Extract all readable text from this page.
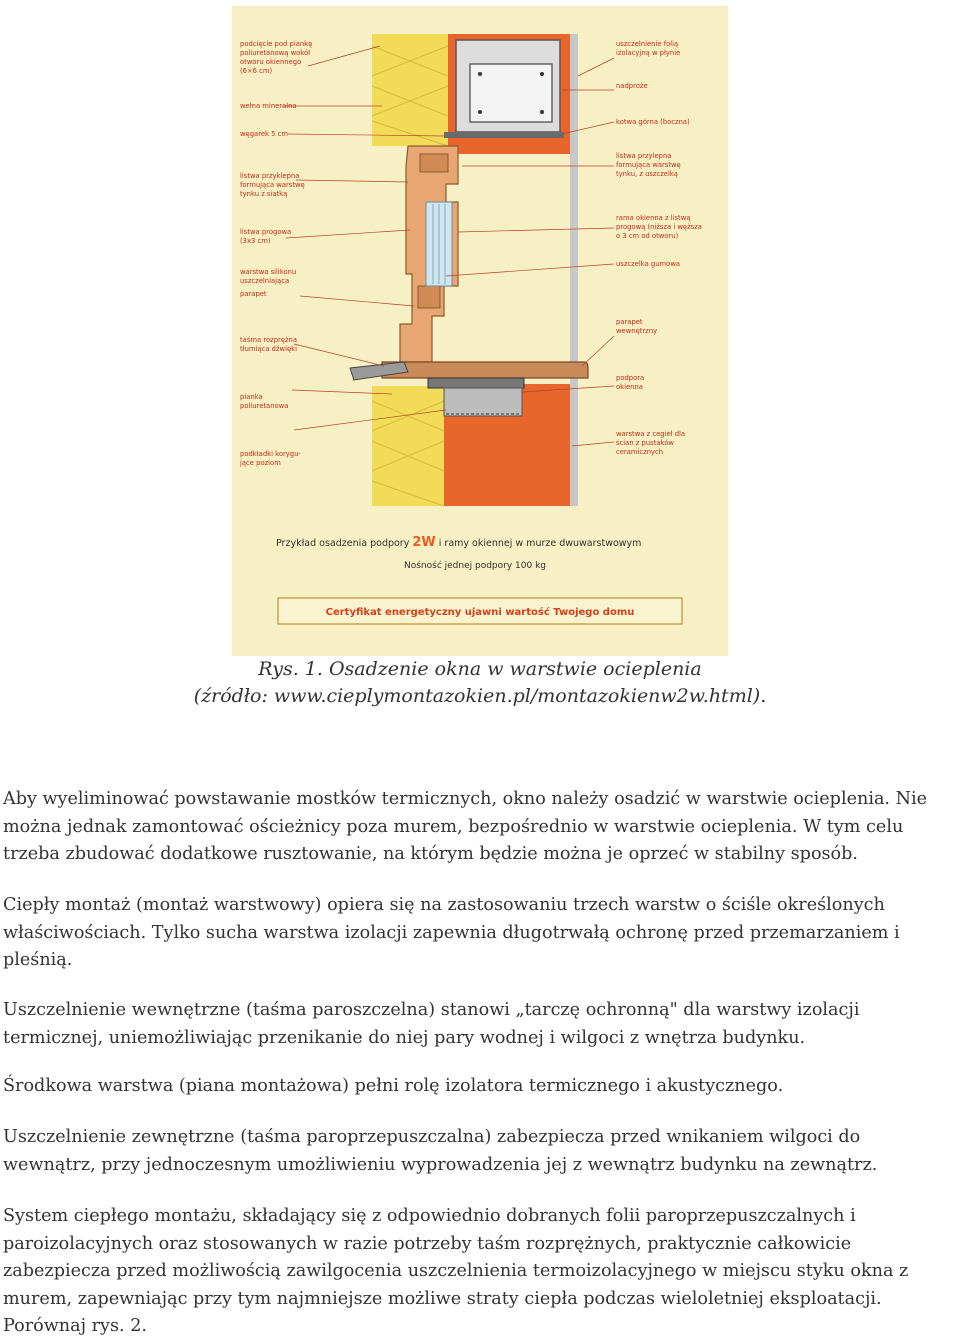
podcięcie pod piankę
poliuretanową wokół
otworu okiennego
(6×6 cm)
wełna mineralna
węgarek 5 cm
listwa przyklepna
formująca warstwę
tynku z siatką
listwa progowa
(3x3 cm)
warstwa silikonu
uszczelniająca
parapet
taśma rozprężna
tłumiąca dźwięki
pianka
poliuretanowa
podkładki korygu-
jące poziom
uszczelnienie folią
izolacyjną w płynie
nadproże
kotwa górna (boczna)
listwa przylepna
formująca warstwę
tynku, z uszczelką
rama okienna z listwą
progową (niższa i węższa
o 3 cm od otworu)
uszczelka gumowa
parapet
wewnętrzny
podpora
okienna
warstwa z cegieł dla
ścian z pustaków
ceramicznych
Przykład osadzenia podpory 2W i ramy okiennej w murze dwuwarstwowym
Nośność jednej podpory 100 kg
Certyfikat energetyczny ujawni wartość Twojego domu
Rys. 1. Osadzenie okna w warstwie ocieplenia
(źródło: www.cieplymontazokien.pl/montazokienw2w.html).

Aby wyeliminować powstawanie mostków termicznych, okno należy osadzić w warstwie ocieplenia. Nie można jednak zamontować ościeżnicy poza murem, bezpośrednio w warstwie ocieplenia. W tym celu trzeba zbudować dodatkowe rusztowanie, na którym będzie można je oprzeć w stabilny sposób.

Ciepły montaż (montaż warstwowy) opiera się na zastosowaniu trzech warstw o ściśle określonych właściwościach. Tylko sucha warstwa izolacji zapewnia długotrwałą ochronę przed przemarzaniem i pleśnią.

Uszczelnienie wewnętrzne (taśma paroszczelna) stanowi „tarczę ochronną" dla warstwy izolacji termicznej, uniemożliwiając przenikanie do niej pary wodnej i wilgoci z wnętrza budynku.

Środkowa warstwa (piana montażowa) pełni rolę izolatora termicznego i akustycznego.

Uszczelnienie zewnętrzne (taśma paroprzepuszczalna) zabezpiecza przed wnikaniem wilgoci do wewnątrz, przy jednoczesnym umożliwieniu wyprowadzenia jej z wewnątrz budynku na zewnątrz.

System ciepłego montażu, składający się z odpowiednio dobranych folii paroprzepuszczalnych i paroizolacyjnych oraz stosowanych w razie potrzeby taśm rozprężnych, praktycznie całkowicie zabezpiecza przed możliwością zawilgocenia uszczelnienia termoizolacyjnego w miejscu styku okna z murem, zapewniając przy tym najmniejsze możliwe straty ciepła podczas wieloletniej eksploatacji. Porównaj rys. 2.
